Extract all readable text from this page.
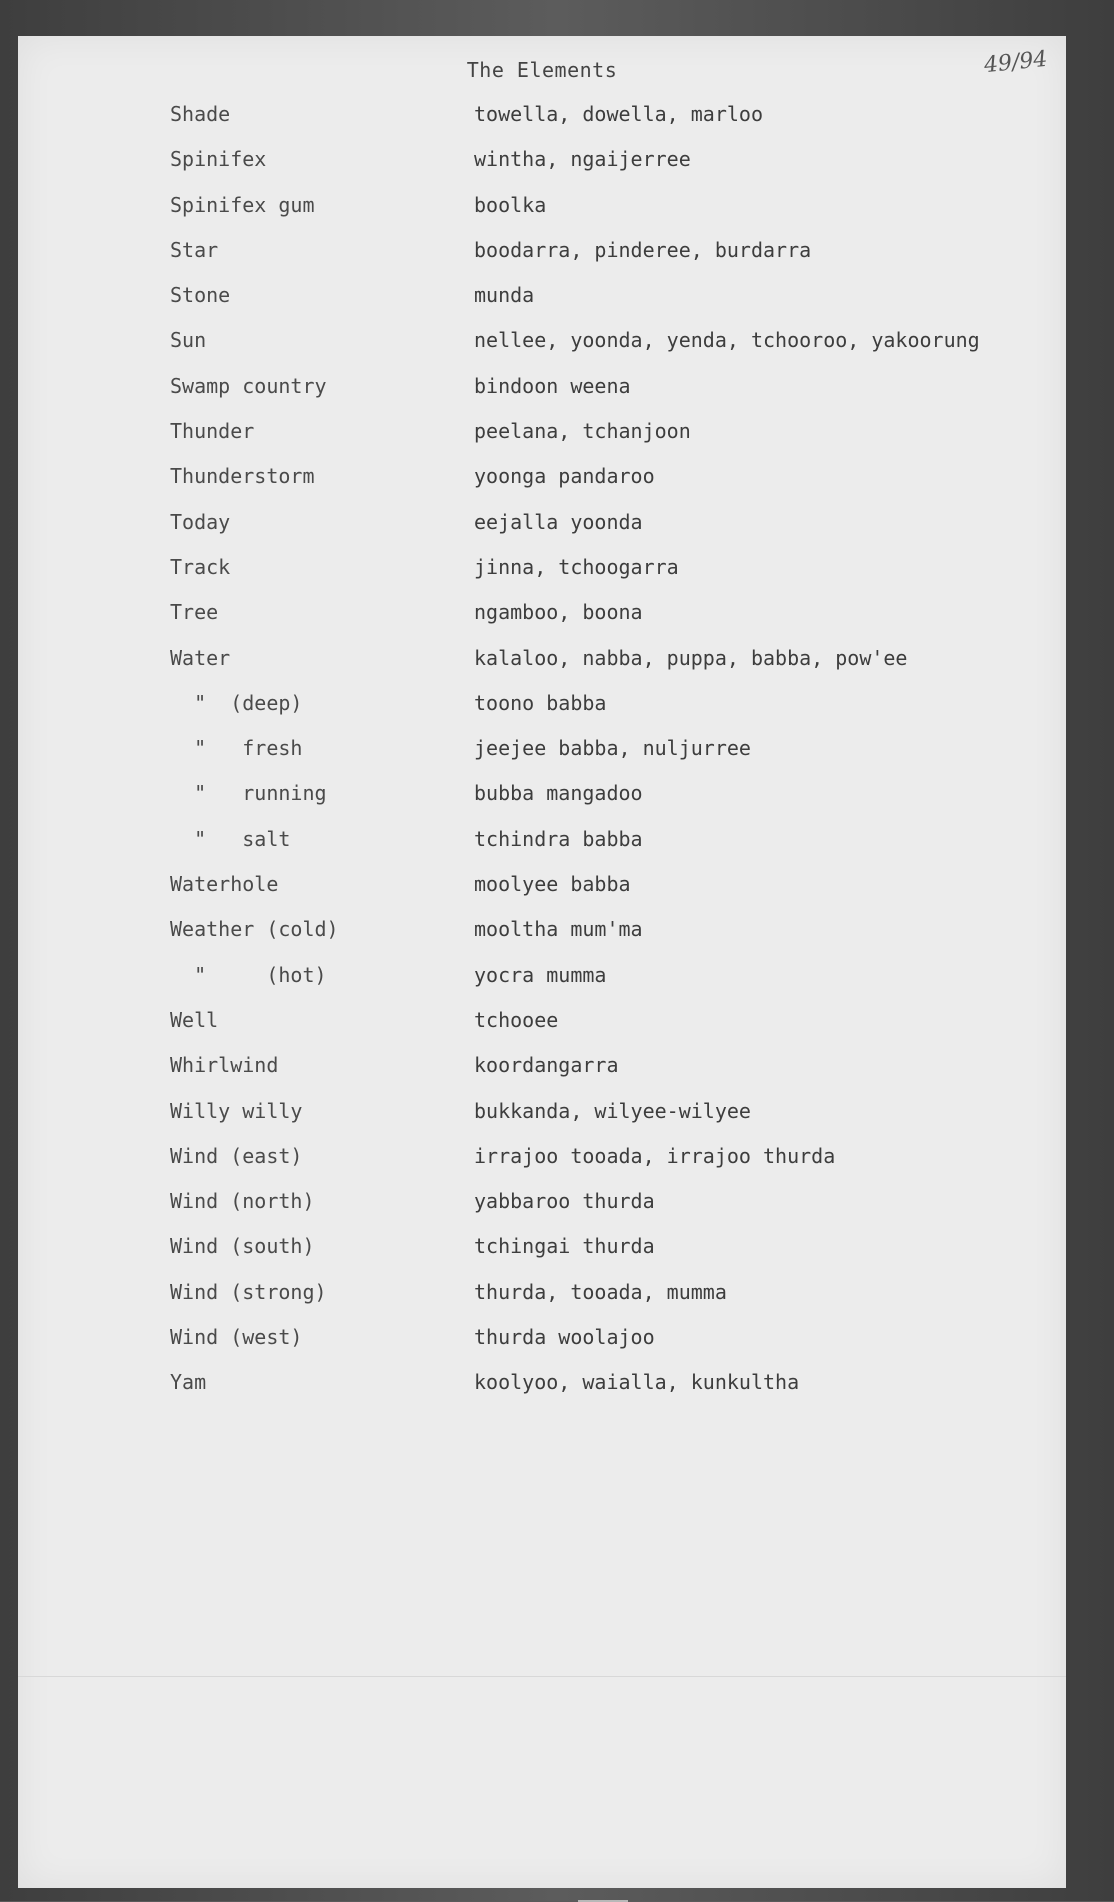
The Elements	49/94
Shade	towella, dowella, marloo
Spinifex	wintha, ngaijerree
Spinifex gum	boolka
Star	boodarra, pinderee, burdarra
Stone	munda
Sun	nellee, yoonda, yenda, tchooroo, yakoorung
Swamp country	bindoon weena
Thunder	peelana, tchanjoon
Thunderstorm	yoonga pandaroo
Today	eejalla yoonda
Track	jinna, tchoogarra
Tree	ngamboo, boona
Water	kalaloo, nabba, puppa, babba, pow'ee
"  (deep)	toono babba
"   fresh	jeejee babba, nuljurree
"   running	bubba mangadoo
"   salt	tchindra babba
Waterhole	moolyee babba
Weather (cold)	mooltha mum'ma
"     (hot)	yocra mumma
Well	tchooee
Whirlwind	koordangarra
Willy willy	bukkanda, wilyee-wilyee
Wind (east)	irrajoo tooada, irrajoo thurda
Wind (north)	yabbaroo thurda
Wind (south)	tchingai thurda
Wind (strong)	thurda, tooada, mumma
Wind (west)	thurda woolajoo
Yam	koolyoo, waialla, kunkultha
